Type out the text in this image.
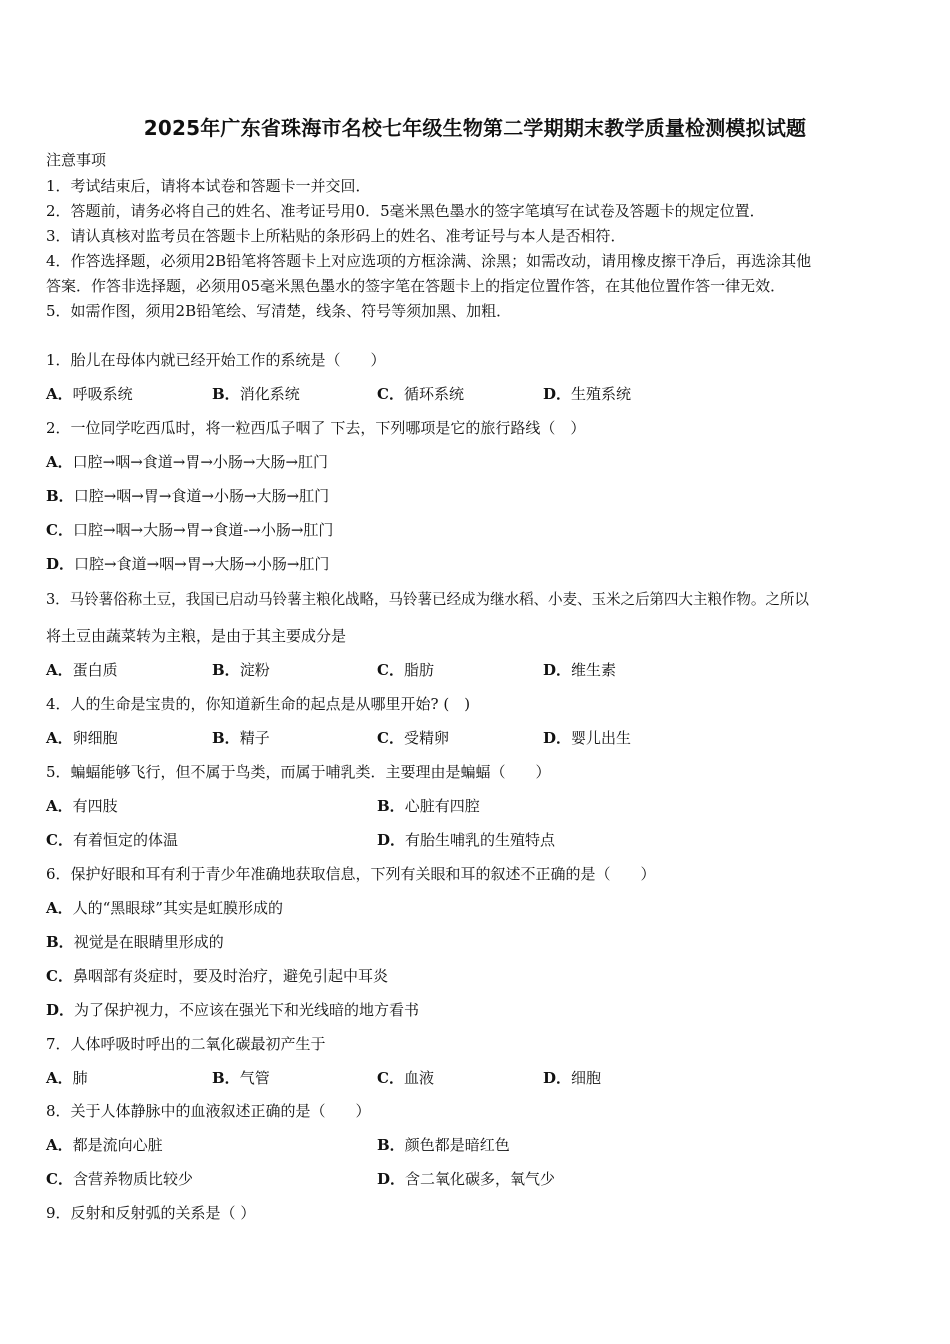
2025年广东省珠海市名校七年级生物第二学期期末教学质量检测模拟试题
注意事项
1．考试结束后，请将本试卷和答题卡一并交回．
2．答题前，请务必将自己的姓名、准考证号用0．5毫米黑色墨水的签字笔填写在试卷及答题卡的规定位置．
3．请认真核对监考员在答题卡上所粘贴的条形码上的姓名、准考证号与本人是否相符．
4．作答选择题，必须用2B铅笔将答题卡上对应选项的方框涂满、涂黑；如需改动，请用橡皮擦干净后，再选涂其他
答案．作答非选择题，必须用05毫米黑色墨水的签字笔在答题卡上的指定位置作答，在其他位置作答一律无效．
5．如需作图，须用2B铅笔绘、写清楚，线条、符号等须加黑、加粗．
1．胎儿在母体内就已经开始工作的系统是（　　）
A．呼吸系统	B．消化系统	C．循环系统	D．生殖系统
2．一位同学吃西瓜时，将一粒西瓜子咽了 下去，下列哪项是它的旅行路线（　）
A．口腔→咽→食道→胃→小肠→大肠→肛门
B．口腔→咽→胃→食道→小肠→大肠→肛门
C．口腔→咽→大肠→胃→食道-→小肠→肛门
D．口腔→食道→咽→胃→大肠→小肠→肛门
3．马铃薯俗称土豆，我国已启动马铃薯主粮化战略，马铃薯已经成为继水稻、小麦、玉米之后第四大主粮作物。之所以
将土豆由蔬菜转为主粮，是由于其主要成分是
A．蛋白质	B．淀粉	C．脂肪	D．维生素
4．人的生命是宝贵的，你知道新生命的起点是从哪里开始? (　)
A．卵细胞	B．精子	C．受精卵	D．婴儿出生
5．蝙蝠能够飞行，但不属于鸟类，而属于哺乳类．主要理由是蝙蝠（　　）
A．有四肢	B．心脏有四腔
C．有着恒定的体温	D．有胎生哺乳的生殖特点
6．保护好眼和耳有利于青少年准确地获取信息，下列有关眼和耳的叙述不正确的是（　　）
A．人的“黑眼球”其实是虹膜形成的
B．视觉是在眼睛里形成的
C．鼻咽部有炎症时，要及时治疗，避免引起中耳炎
D．为了保护视力，不应该在强光下和光线暗的地方看书
7．人体呼吸时呼出的二氧化碳最初产生于
A．肺	B．气管	C．血液	D．细胞
8．关于人体静脉中的血液叙述正确的是（　　）
A．都是流向心脏	B．颜色都是暗红色
C．含营养物质比较少	D．含二氧化碳多，氧气少
9．反射和反射弧的关系是（ ）
